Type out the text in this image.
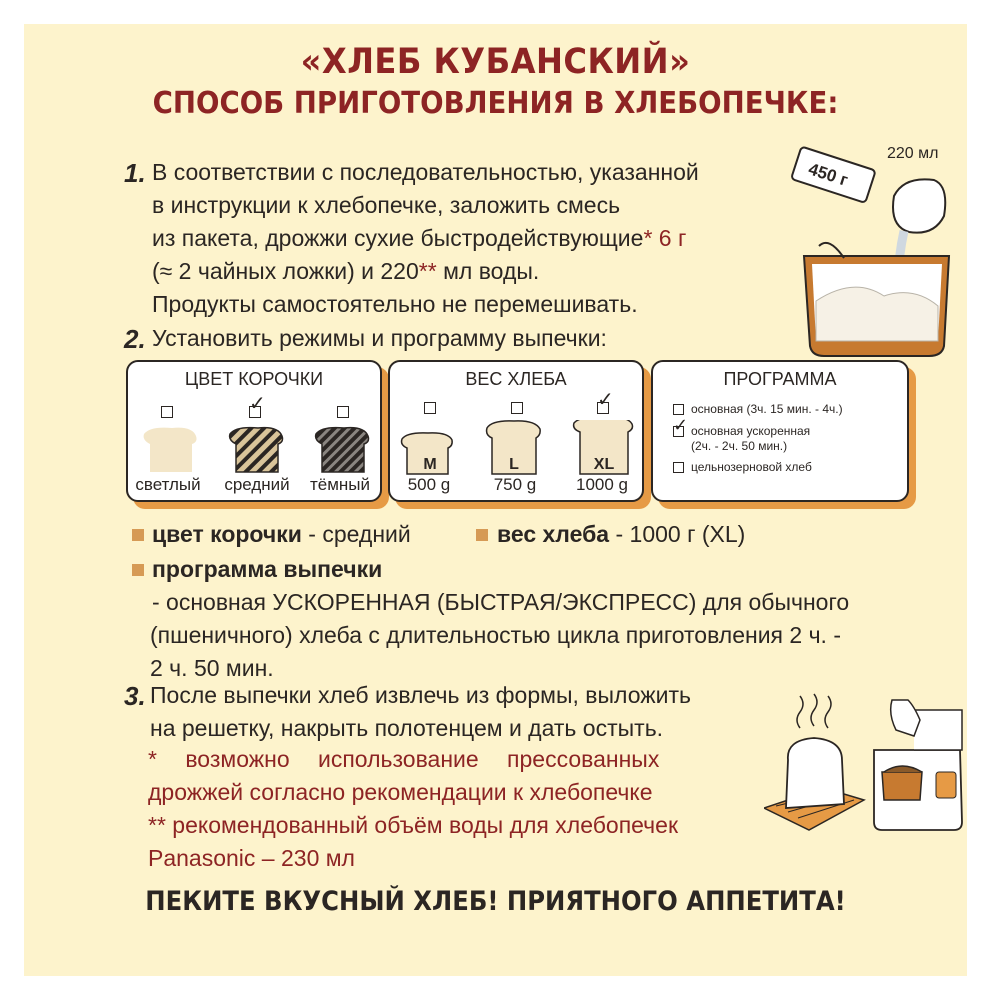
«ХЛЕБ КУБАНСКИЙ»
СПОСОБ ПРИГОТОВЛЕНИЯ В ХЛЕБОПЕЧКЕ:
1. В соответствии с последовательностью, указанной
в инструкции к хлебопечке, заложить смесь
из пакета, дрожжи сухие быстродействующие* 6 г
(≈ 2 чайных ложки) и 220** мл воды.
Продукты самостоятельно не перемешивать.
220 мл
450 г
2. Установить режимы и программу выпечки:
ЦВЕТ КОРОЧКИ
✓
светлый	средний	тёмный
ВЕС ХЛЕБА
✓
M	L	XL
500 g	750 g	1000 g
ПРОГРАММА
основная (3ч. 15 мин. - 4ч.)
✓ основная ускоренная
(2ч. - 2ч. 50 мин.)
цельнозерновой хлеб
цвет корочки - средний	вес хлеба - 1000 г (XL)
программа выпечки
- основная УСКОРЕННАЯ (БЫСТРАЯ/ЭКСПРЕСС) для обычного
(пшеничного) хлеба с длительностью цикла приготовления 2 ч. -
2 ч. 50 мин.
3. После выпечки хлеб извлечь из формы, выложить
на решетку, накрыть полотенцем и дать остыть.
* возможно использование прессованных
дрожжей согласно рекомендации к хлебопечке
** рекомендованный объём воды для хлебопечек
Panasonic – 230 мл
ПЕКИТЕ ВКУСНЫЙ ХЛЕБ! ПРИЯТНОГО АППЕТИТА!
